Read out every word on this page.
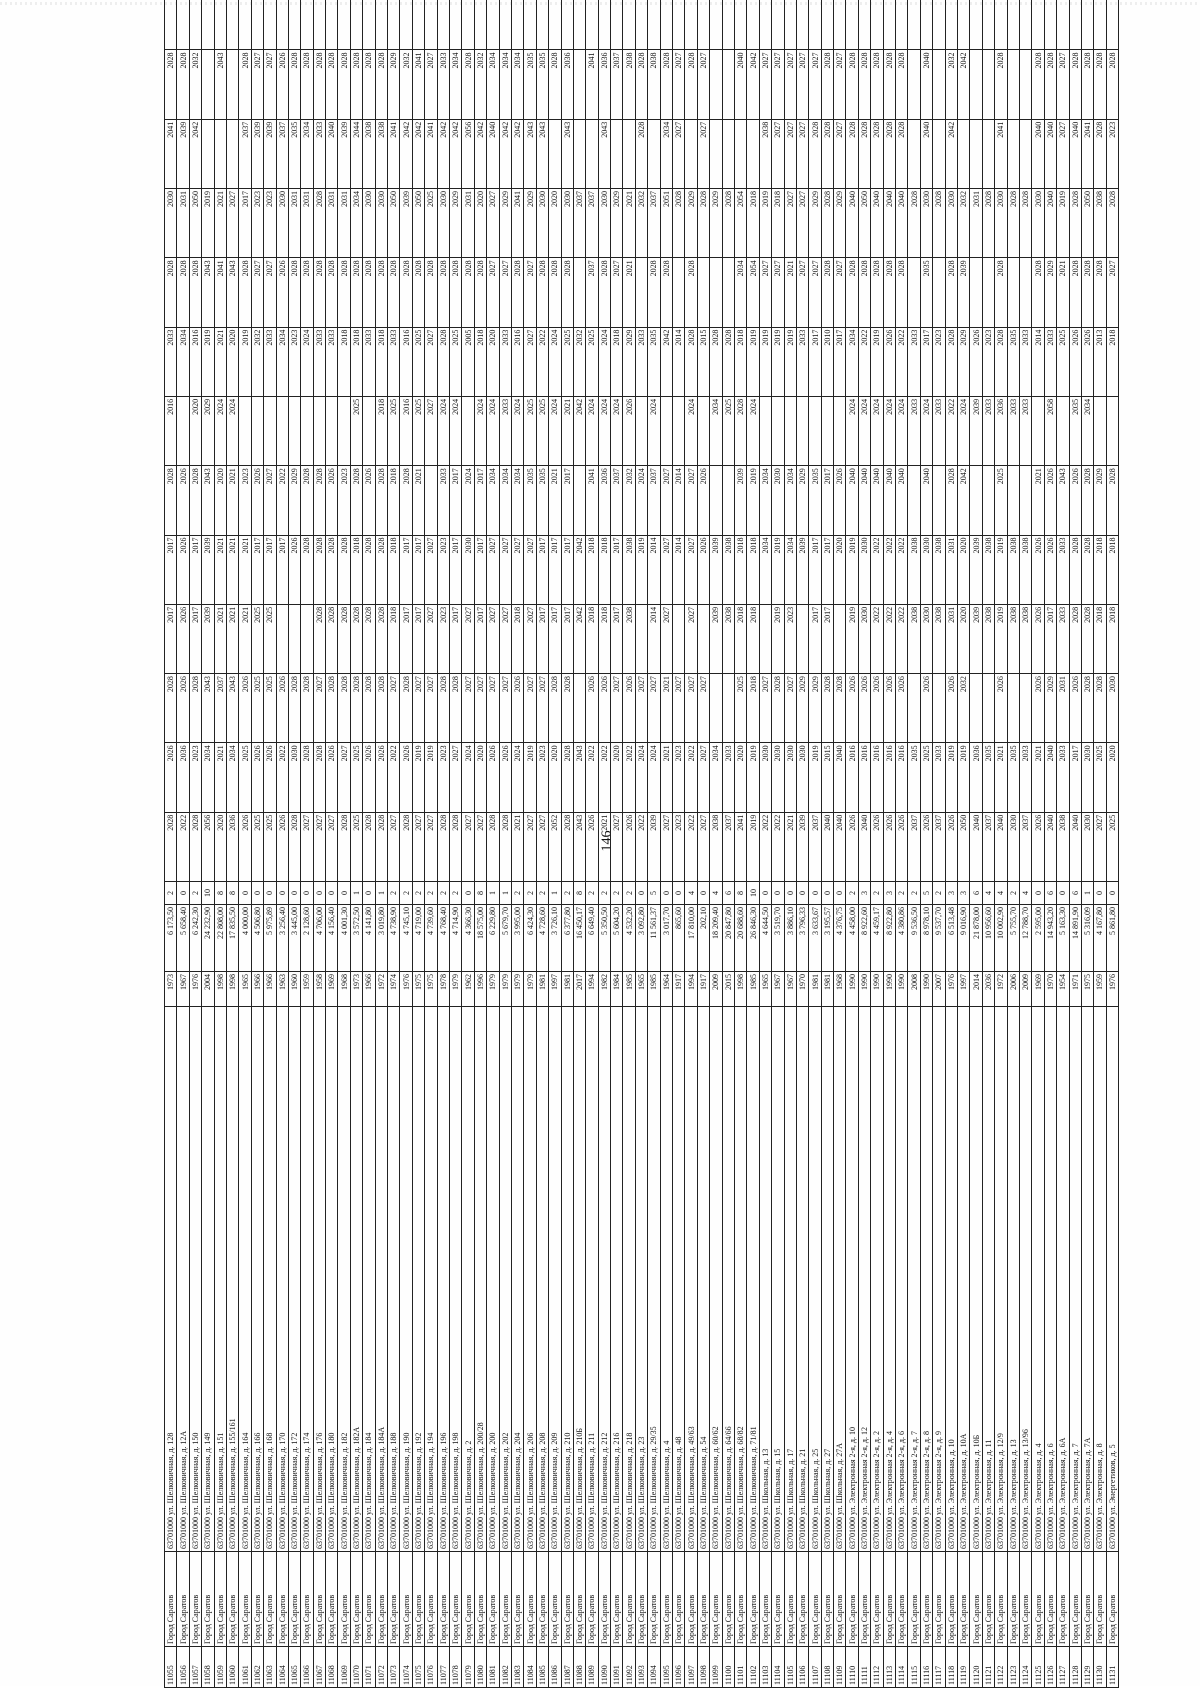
146
11055	Город Саратов	63701000 ул. Шелковичная, д. 128	1973	6 173,50	2	2028	2026	2028	2017	2017	2028	2016	2033	2028	2030	2041	2028		
11056	Город Саратов	63701000 ул. Шелковичная, д. 12А	1967	5 658,40	0	2022	2036	2026	2026	2026	2026		2034	2028	2031	2039	2028		
11057	Город Саратов	63701000 ул. Шелковичная, д. 150	1976	6 242,30	2	2028	2023	2028	2017	2017	2028	2020	2016	2028	2050	2042	2032		
11058	Город Саратов	63701000 ул. Шелковичная, д. 149	2004	24 232,90	10	2056	2034	2043	2039	2039	2043	2029	2019	2043	2019				
11059	Город Саратов	63701000 ул. Шелковичная, д. 151	1998	22 808,00	8	2020	2021	2037	2021	2021	2020	2024	2021	2041	2021		2043		
11060	Город Саратов	63701000 ул. Шелковичная, д. 155/161	1998	17 835,50	8	2036	2034	2043	2021	2021	2021	2024	2020	2043	2027				
11061	Город Саратов	63701000 ул. Шелковичная, д. 164	1965	4 000,00	0	2026	2025	2026	2021	2021	2023		2019	2028	2017	2037	2028		
11062	Город Саратов	63701000 ул. Шелковичная, д. 166	1966	4 506,80	0	2025	2026	2025	2025	2017	2026		2032	2027	2023	2039	2027		
11063	Город Саратов	63701000 ул. Шелковичная, д. 168	1966	5 975,89	0	2025	2026	2025	2025	2017	2027		2033	2027	2023	2039	2027		
11064	Город Саратов	63701000 ул. Шелковичная, д. 170	1963	3 256,40	0	2026	2022	2026		2017	2022		2034	2026	2030	2037	2026		
11065	Город Саратов	63701000 ул. Шелковичная, д. 172	1960	3 445,00	0	2028	2030	2028		2026	2029		2023	2028	2031	2035	2028		
11066	Город Саратов	63701000 ул. Шелковичная, д. 174	1959	2 128,60	0	2027	2028	2028		2028	2028		2024	2028	2031	2034	2028		
11067	Город Саратов	63701000 ул. Шелковичная, д. 176	1958	4 706,00	0	2027	2028	2027	2028	2028	2028		2033	2028	2028	2033	2028		
11068	Город Саратов	63701000 ул. Шелковичная, д. 180	1969	4 156,40	0	2027	2026	2028	2028	2028	2026		2033	2028	2031	2040	2028		
11069	Город Саратов	63701000 ул. Шелковичная, д. 182	1968	4 001,30	0	2028	2027	2028	2028	2028	2023		2018	2028	2031	2039	2028		
11070	Город Саратов	63701000 ул. Шелковичная, д. 182А	1973	3 572,50	1	2025	2025	2028	2028	2018	2028	2025	2018	2028	2034	2044	2028		
11071	Город Саратов	63701000 ул. Шелковичная, д. 184	1966	4 141,80	0	2028	2026	2028	2028	2028	2026		2033	2028	2030	2038	2028		
11072	Город Саратов	63701000 ул. Шелковичная, д. 184А	1972	3 019,80	1	2028	2026	2028	2028	2028	2028	2018	2018	2028	2030	2038	2028		
11073	Город Саратов	63701000 ул. Шелковичная, д. 188	1974	4 738,90	2	2027	2022	2027	2018	2018	2018	2025	2033	2028	2050	2041	2029		
11074	Город Саратов	63701000 ул. Шелковичная, д. 190	1976	4 745,10	2	2028	2026	2028	2017	2017	2028	2016	2016	2028	2039	2042	2032		
11075	Город Саратов	63701000 ул. Шелковичная, д. 192	1975	4 719,00	2	2027	2019	2027	2017	2017	2021	2025	2025	2028	2050	2042	2041		
11076	Город Саратов	63701000 ул. Шелковичная, д. 194	1975	4 739,60	2	2027	2019	2027	2027	2027		2027	2027	2028	2025	2041	2027		
11077	Город Саратов	63701000 ул. Шелковичная, д. 196	1978	4 768,40	2	2028	2023	2028	2023	2023	2033	2024	2028	2028	2030	2042	2033		
11078	Город Саратов	63701000 ул. Шелковичная, д. 198	1979	4 714,90	2	2028	2027	2028	2017	2017	2017	2024	2025	2028	2029	2042	2034		
11079	Город Саратов	63701000 ул. Шелковичная, д. 2	1962	4 366,30	0	2027	2024	2027	2027	2030	2024		2005	2028	2031	2056	2028		
11080	Город Саратов	63701000 ул. Шелковичная, д. 200/28	1996	18 575,00	8	2027	2020	2027	2017	2017	2017	2024	2018	2028	2020	2042	2032		
11081	Город Саратов	63701000 ул. Шелковичная, д. 200	1979	6 229,80	1	2028	2026	2027	2027	2027	2034	2024	2020	2027	2027	2040	2034		
11082	Город Саратов	63701000 ул. Шелковичная, д. 202	1979	5 679,70	1	2028	2026	2027	2027	2027	2034	2033	2033	2027	2029	2042	2034		
11083	Город Саратов	63701000 ул. Шелковичная, д. 204	1979	3 995,00	2	2021	2024	2026	2018	2027	2034	2024	2016	2028	2041	2042	2034		
11084	Город Саратов	63701000 ул. Шелковичная, д. 206	1979	6 424,30	2	2027	2019	2027	2027	2027	2035	2025	2027	2027	2029	2043	2035		
11085	Город Саратов	63701000 ул. Шелковичная, д. 208	1981	4 728,60	2	2027	2023	2027	2017	2017	2035	2025	2022	2028	2030	2043	2035		
11086	Город Саратов	63701000 ул. Шелковичная, д. 209	1997	3 726,10	1	2052	2020	2028	2017	2017	2021	2024	2024	2028	2020		2028		
11087	Город Саратов	63701000 ул. Шелковичная, д. 210	1981	6 377,80	2	2028	2028	2028	2017	2017	2017	2021	2025	2028	2030	2043	2036		
11088	Город Саратов	63701000 ул. Шелковичная, д. 210Б	2017	16 450,17	8	2043	2043		2042	2042		2042	2032		2037				
11089	Город Саратов	63701000 ул. Шелковичная, д. 211	1994	6 649,40	2	2026	2022	2026	2018	2018	2041	2024	2025	2037	2037		2041		
11090	Город Саратов	63701000 ул. Шелковичная, д. 212	1982	5 350,50	2	2021	2022	2026	2018	2018	2036	2024	2024	2028	2030	2043	2036		
11091	Город Саратов	63701000 ул. Шелковичная, д. 216	1984	5 604,20	2	2027	2020	2027	2017	2017	2037	2024	2018	2027	2029		2037		
11092	Город Саратов	63701000 ул. Шелковичная, д. 218	1985	4 532,20	2	2026	2022	2026	2038	2038	2032	2026	2029	2021	2021		2038		
11093	Город Саратов	63701000 ул. Шелковичная, д. 23	1965	3 092,80	0	2022	2024	2027		2019	2024		2033		2032	2028	2028		
11094	Город Саратов	63701000 ул. Шелковичная, д. 29/35	1985	11 561,37	5	2039	2024	2027	2014	2014	2037	2024	2035	2028	2037		2038		
11095	Город Саратов	63701000 ул. Шелковичная, д. 4	1964	3 017,70	0	2027	2021	2021	2027	2027	2027		2042	2028	2051	2034	2028		
11096	Город Саратов	63701000 ул. Шелковичная, д. 48	1917	865,60	0	2023	2023	2027		2014	2014		2014		2028	2027	2027		
11097	Город Саратов	63701000 ул. Шелковичная, д. 49/63	1994	17 810,00	4	2022	2022	2027	2027	2027	2027	2024	2028	2028	2029		2028		
11098	Город Саратов	63701000 ул. Шелковичная, д. 54	1917	202,10	0	2027	2027	2027		2026	2026		2015		2028	2027	2027		
11099	Город Саратов	63701000 ул. Шелковичная, д. 60/62	2009	18 209,40	4	2038	2034		2039	2039		2034	2028		2029				
11100	Город Саратов	63701000 ул. Шелковичная, д. 64/66	2015	20 847,80	6	2037	2033		2038	2038		2025	2028		2028				
11101	Город Саратов	63701000 ул. Шелковичная, д. 68/82	1998	20 688,60	8	2041	2020	2025	2018	2018	2039	2028	2018	2034	2054		2040		
11102	Город Саратов	63701000 ул. Шелковичная, д. 71/81	1985	26 846,30	10	2019	2019	2018	2018	2018	2019	2024	2019	2054	2018		2042		
11103	Город Саратов	63701000 ул. Школьная, д. 13	1965	4 644,50	0	2022	2030	2027		2034	2034		2019	2027	2019	2038	2027		
11104	Город Саратов	63701000 ул. Школьная, д. 15	1967	3 519,70	0	2022	2030	2028	2019	2019	2030		2019	2027	2018	2027	2027		
11105	Город Саратов	63701000 ул. Школьная, д. 17	1967	3 886,10	0	2021	2030	2027	2023	2034	2034		2019	2021	2027	2027	2027		
11106	Город Саратов	63701000 ул. Школьная, д. 21	1970	3 796,33	0	2039	2030	2029		2039	2029		2033	2027	2027	2027	2027		
11107	Город Саратов	63701000 ул. Школьная, д. 25	1981	3 633,67	0	2037	2019	2029	2017	2017	2035		2017	2027	2029	2028	2027		
11108	Город Саратов	63701000 ул. Школьная, д. 27	1981	3 195,57	0	2040	2015	2028	2017	2017	2017		2010	2028	2028	2028	2028		
11109	Город Саратов	63701000 ул. Школьная, д. 27А	1968	4 376,75	0	2040	2040	2028		2020	2026		2017	2027	2029	2027	2027		
11110	Город Саратов	63701000 ул. Электронная 2-я, д. 10	1990	4 458,00	2	2026	2016	2026	2019	2019	2040	2024	2034	2028	2040	2028	2028		
11111	Город Саратов	63701000 ул. Электронная 2-я, д. 12	1990	8 922,60	3	2040	2016	2026	2030	2030	2040	2024	2022	2028	2050	2028	2028		
11112	Город Саратов	63701000 ул. Электронная 2-я, д. 2	1990	4 459,17	2	2026	2016	2026	2022	2022	2040	2024	2019	2028	2040	2028	2028		
11113	Город Саратов	63701000 ул. Электронная 2-я, д. 4	1990	8 922,80	3	2026	2016	2026	2022	2022	2040	2024	2026	2028	2040	2028	2028		
11114	Город Саратов	63701000 ул. Электронная 2-я, д. 6	1990	4 380,86	2	2026	2016	2026	2022	2022	2040	2024	2022	2028	2040	2028	2028		
11115	Город Саратов	63701000 ул. Электронная 2-я, д. 7	2008	9 536,50	2	2037	2035		2038	2038		2033	2033		2028				
11116	Город Саратов	63701000 ул. Электронная 2-я, д. 8	1990	8 978,10	5	2026	2025	2026	2030	2030	2040	2024	2017	2035	2030	2040	2040		
11117	Город Саратов	63701000 ул. Электронная 2-я, д. 9	2007	9 537,70	2	2037	2033		2038	2038		2033	2023		2028				
11118	Город Саратов	63701000 ул. Электронная, д. 10	1976	6 513,48	3	2026	2019	2026	2031	2031	2028	2022	2028	2028	2030	2042	2032		
11119	Город Саратов	63701000 ул. Электронная, д. 10А	1997	9 016,90	3	2050	2019	2032	2020	2020	2042	2024	2029	2039	2032		2042		
11120	Город Саратов	63701000 ул. Электронная, д. 10Б	2014	21 878,00	6	2040	2036		2039	2039		2039	2026		2031				
11121	Город Саратов	63701000 ул. Электронная, д. 11	2036	10 956,60	4	2037	2035		2038	2038		2033	2023		2028				
11122	Город Саратов	63701000 ул. Электронная, д. 12/9	1972	10 002,90	4	2040	2021	2026	2019	2019	2025	2036	2028	2028	2030	2041	2028		
11123	Город Саратов	63701000 ул. Электронная, д. 13	2006	5 755,70	2	2030	2035		2038	2038		2033	2035		2028				
11124	Город Саратов	63701000 ул. Электронная, д. 13/96	2009	12 788,70	4	2037	2033		2038	2038		2033	2033		2028				
11125	Город Саратов	63701000 ул. Электронная, д. 4	1969	2 595,00	0	2026	2021	2026	2026	2026	2021		2014	2028	2030	2040	2028		
11126	Город Саратов	63701000 ул. Электронная, д. 6	1970	14 943,20	6	2040	2040	2029	2017	2026	2026	2058	2033	2029	2040	2040	2028		
11127	Город Саратов	63701000 ул. Электронная, д. 6А	1954	5 163,30	0	2038	2033	2031	2033	2033	2043		2025	2021	2019	2027	2027		
11128	Город Саратов	63701000 ул. Электронная, д. 7	1971	14 891,90	6	2040	2017	2026	2028	2028	2026	2035	2026	2028	2028	2040	2028		
11129	Город Саратов	63701000 ул. Электронная, д. 7А	1975	5 316,09	1	2030	2030	2028	2028	2028	2028	2034	2026	2028	2050	2041	2028		
11130	Город Саратов	63701000 ул. Электронная, д. 8	1959	4 167,80	0	2027	2025	2028	2018	2018	2029		2013	2028	2038	2028	2028		
11131	Город Саратов	63701000 ул. Энергетиков, д. 5	1976	5 861,80	0	2025	2020	2030	2018	2018	2028		2018	2027	2028	2023	2028		
